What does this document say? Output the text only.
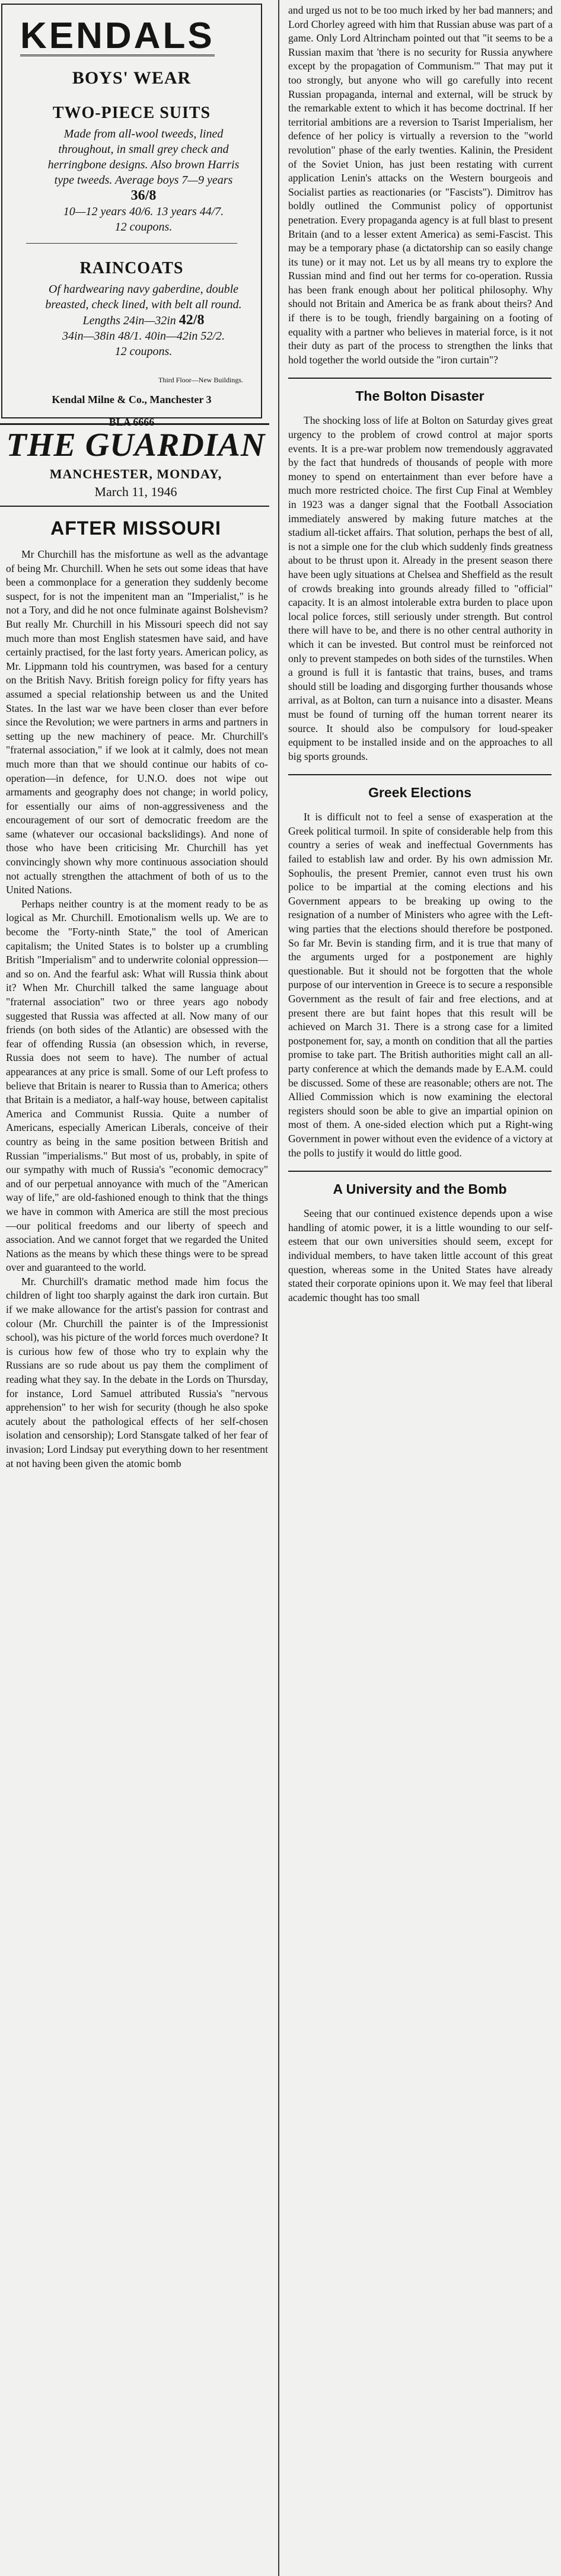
KENDALS
BOYS' WEAR
TWO-PIECE SUITS
Made from all-wool tweeds, lined throughout, in small grey check and herringbone designs. Also brown Harris type tweeds. Average boys 7—9 years 36/8
10—12 years 40/6. 13 years 44/7.
12 coupons.
RAINCOATS
Of hardwearing navy gaberdine, double breasted, check lined, with belt all round.
Lengths 24in—32in 42/8
34in—38in 48/1. 40in—42in 52/2.
12 coupons.
Third Floor—New Buildings.
Kendal Milne & Co., Manchester 3
BLA 6666
THE GUARDIAN
MANCHESTER, MONDAY,
March 11, 1946
AFTER MISSOURI

Mr Churchill has the misfortune as well as the advantage of being Mr. Churchill. When he sets out some ideas that have been a commonplace for a generation they suddenly become suspect, for is not the impenitent man an "Imperialist," is he not a Tory, and did he not once fulminate against Bolshevism? But really Mr. Churchill in his Missouri speech did not say much more than most English statesmen have said, and have certainly practised, for the last forty years. American policy, as Mr. Lippmann told his countrymen, was based for a century on the British Navy. British foreign policy for fifty years has assumed a special relationship between us and the United States. In the last war we have been closer than ever before since the Revolution; we were partners in arms and partners in setting up the new machinery of peace. Mr. Churchill's "fraternal association," if we look at it calmly, does not mean much more than that we should continue our habits of co-operation—in defence, for U.N.O. does not wipe out armaments and geography does not change; in world policy, for essentially our aims of non-aggressiveness and the encouragement of our sort of democratic freedom are the same (whatever our occasional backslidings). And none of those who have been criticising Mr. Churchill has yet convincingly shown why more continuous association should not actually strengthen the attachment of both of us to the United Nations.

Perhaps neither country is at the moment ready to be as logical as Mr. Churchill. Emotionalism wells up. We are to become the "Forty-ninth State," the tool of American capitalism; the United States is to bolster up a crumbling British "Imperialism" and to underwrite colonial oppression—and so on. And the fearful ask: What will Russia think about it? When Mr. Churchill talked the same language about "fraternal association" two or three years ago nobody suggested that Russia was affected at all. Now many of our friends (on both sides of the Atlantic) are obsessed with the fear of offending Russia (an obsession which, in reverse, Russia does not seem to have). The number of actual appearances at any price is small. Some of our Left profess to believe that Britain is nearer to Russia than to America; others that Britain is a mediator, a half-way house, between capitalist America and Communist Russia. Quite a number of Americans, especially American Liberals, conceive of their country as being in the same position between British and Russian "imperialisms." But most of us, probably, in spite of our sympathy with much of Russia's "economic democracy" and of our perpetual annoyance with much of the "American way of life," are old-fashioned enough to think that the things we have in common with America are still the most precious—our political freedoms and our liberty of speech and association. And we cannot forget that we regarded the United Nations as the means by which these things were to be spread over and guaranteed to the world.

Mr. Churchill's dramatic method made him focus the children of light too sharply against the dark iron curtain. But if we make allowance for the artist's passion for contrast and colour (Mr. Churchill the painter is of the Impressionist school), was his picture of the world forces much overdone? It is curious how few of those who try to explain why the Russians are so rude about us pay them the compliment of reading what they say. In the debate in the Lords on Thursday, for instance, Lord Samuel attributed Russia's "nervous apprehension" to her wish for security (though he also spoke acutely about the pathological effects of her self-chosen isolation and censorship); Lord Stansgate talked of her fear of invasion; Lord Lindsay put everything down to her resentment at not having been given the atomic bomb

and urged us not to be too much irked by her bad manners; and Lord Chorley agreed with him that Russian abuse was part of a game. Only Lord Altrincham pointed out that "it seems to be a Russian maxim that 'there is no security for Russia anywhere except by the propagation of Communism.'" That may put it too strongly, but anyone who will go carefully into recent Russian propaganda, internal and external, will be struck by the remarkable extent to which it has become doctrinal. If her territorial ambitions are a reversion to Tsarist Imperialism, her defence of her policy is virtually a reversion to the "world revolution" phase of the early twenties. Kalinin, the President of the Soviet Union, has just been restating with current application Lenin's attacks on the Western bourgeois and Socialist parties as reactionaries (or "Fascists"). Dimitrov has boldly outlined the Communist policy of opportunist penetration. Every propaganda agency is at full blast to present Britain (and to a lesser extent America) as semi-Fascist. This may be a temporary phase (a dictatorship can so easily change its tune) or it may not. Let us by all means try to explore the Russian mind and find out her terms for co-operation. Russia has been frank enough about her political philosophy. Why should not Britain and America be as frank about theirs? And if there is to be tough, friendly bargaining on a footing of equality with a partner who believes in material force, is it not their duty as part of the process to strengthen the links that hold together the world outside the "iron curtain"?

The Bolton Disaster

The shocking loss of life at Bolton on Saturday gives great urgency to the problem of crowd control at major sports events. It is a pre-war problem now tremendously aggravated by the fact that hundreds of thousands of people with more money to spend on entertainment than ever before have a much more restricted choice. The first Cup Final at Wembley in 1923 was a danger signal that the Football Association immediately answered by making future matches at the stadium all-ticket affairs. That solution, perhaps the best of all, is not a simple one for the club which suddenly finds greatness about to be thrust upon it. Already in the present season there have been ugly situations at Chelsea and Sheffield as the result of crowds breaking into grounds already filled to "official" capacity. It is an almost intolerable extra burden to place upon local police forces, still seriously under strength. But control there will have to be, and there is no other central authority in which it can be invested. But control must be reinforced not only to prevent stampedes on both sides of the turnstiles. When a ground is full it is fantastic that trains, buses, and trams should still be loading and disgorging further thousands whose arrival, as at Bolton, can turn a nuisance into a disaster. Means must be found of turning off the human torrent nearer its source. It should also be compulsory for loud-speaker equipment to be installed inside and on the approaches to all big sports grounds.

Greek Elections

It is difficult not to feel a sense of exasperation at the Greek political turmoil. In spite of considerable help from this country a series of weak and ineffectual Governments has failed to establish law and order. By his own admission Mr. Sophoulis, the present Premier, cannot even trust his own police to be impartial at the coming elections and his Government appears to be breaking up owing to the resignation of a number of Ministers who agree with the Left-wing parties that the elections should therefore be postponed. So far Mr. Bevin is standing firm, and it is true that many of the arguments urged for a postponement are highly questionable. But it should not be forgotten that the whole purpose of our intervention in Greece is to secure a responsible Government as the result of fair and free elections, and at present there are but faint hopes that this result will be achieved on March 31. There is a strong case for a limited postponement for, say, a month on condition that all the parties promise to take part. The British authorities might call an all-party conference at which the demands made by E.A.M. could be discussed. Some of these are reasonable; others are not. The Allied Commission which is now examining the electoral registers should soon be able to give an impartial opinion on most of them. A one-sided election which put a Right-wing Government in power without even the evidence of a victory at the polls to justify it would do little good.

A University and the Bomb

Seeing that our continued existence depends upon a wise handling of atomic power, it is a little wounding to our self-esteem that our own universities should seem, except for individual members, to have taken little account of this great question, whereas some in the United States have already stated their corporate opinions upon it. We may feel that liberal academic thought has too small
